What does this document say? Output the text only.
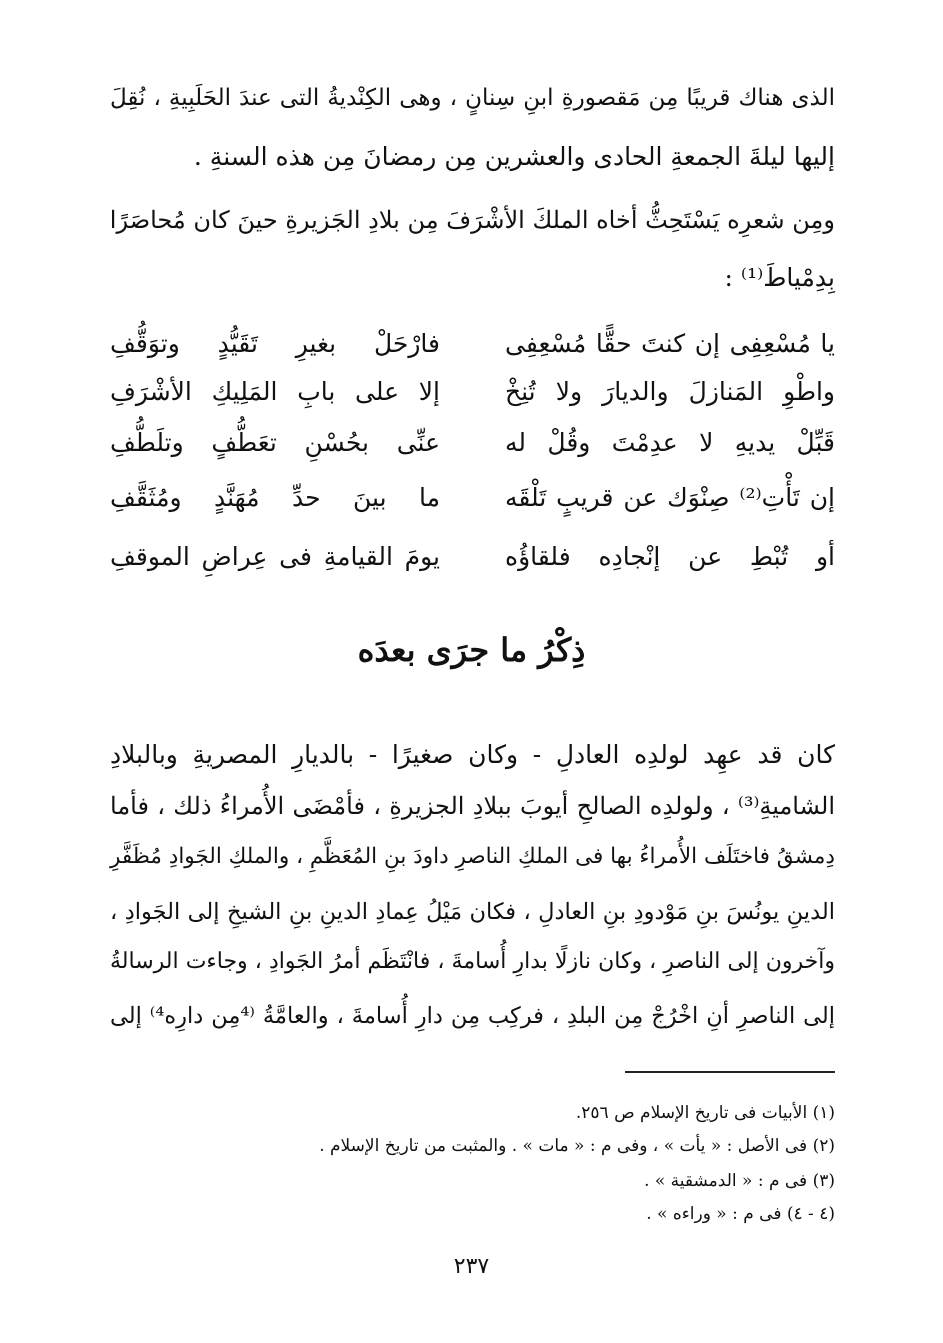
الذى هناك قريبًا مِن مَقصورةِ ابنِ سِنانٍ ، وهى الكِنْديةُ التى عندَ الحَلَبِيةِ ، نُقِلَ
إليها ليلةَ الجمعةِ الحادى والعشرين مِن رمضانَ مِن هذه السنةِ .
ومِن شعرِه يَسْتَحِثُّ أخاه الملكَ الأشْرَفَ مِن بلادِ الجَزيرةِ حينَ كان مُحاصَرًا
بِدِمْياطَ⁽¹⁾ :
يا مُسْعِفِى إن كنتَ حقًّا مُسْعِفِى
فارْحَلْ بغيرِ تَقَيُّدٍ وتوَقُّفِ
واطْوِ المَنازلَ والديارَ ولا تُنِخْ
إلا على بابِ المَلِيكِ الأشْرَفِ
قَبِّلْ يديهِ لا عدِمْتَ وقُلْ له
عنِّى بحُسْنِ تعَطُّفٍ وتلَطُّفِ
إن تَأْتِ⁽²⁾ صِنْوَك عن قريبٍ تَلْقَه
ما بينَ حدِّ مُهَنَّدٍ ومُثَقَّفِ
أو تُبْطِ عن إنْجادِه فلقاؤُه
يومَ القيامةِ فى عِراضِ الموقفِ
ذِكْرُ ما جرَى بعدَه
كان قد عهِد لولدِه العادلِ - وكان صغيرًا - بالديارِ المصريةِ وبالبلادِ
الشاميةِ⁽³⁾ ، ولولدِه الصالحِ أيوبَ ببلادِ الجزيرةِ ، فأمْضَى الأُمراءُ ذلك ، فأما
دِمشقُ فاختَلَف الأُمراءُ بها فى الملكِ الناصرِ داودَ بنِ المُعَظَّمِ ، والملكِ الجَوادِ مُظَفَّرِ
الدينِ يونُسَ بنِ مَوْدودِ بنِ العادلِ ، فكان مَيْلُ عِمادِ الدينِ بنِ الشيخِ إلى الجَوادِ ،
وآخرون إلى الناصرِ ، وكان نازلًا بدارِ أُسامةَ ، فانْتَظَم أمرُ الجَوادِ ، وجاءت الرسالةُ
إلى الناصرِ أنِ اخْرُجْ مِن البلدِ ، فركِب مِن دارِ أُسامةَ ، والعامَّةُ ⁽⁴مِن دارِه⁴⁾ إلى
(١) الأبيات فى تاريخ الإسلام ص ٢٥٦.
(٢) فى الأصل : « يأت » ، وفى م : « مات » . والمثبت من تاريخ الإسلام .
(٣) فى م : « الدمشقية » .
(٤ - ٤) فى م : « وراءه » .
٢٣٧
